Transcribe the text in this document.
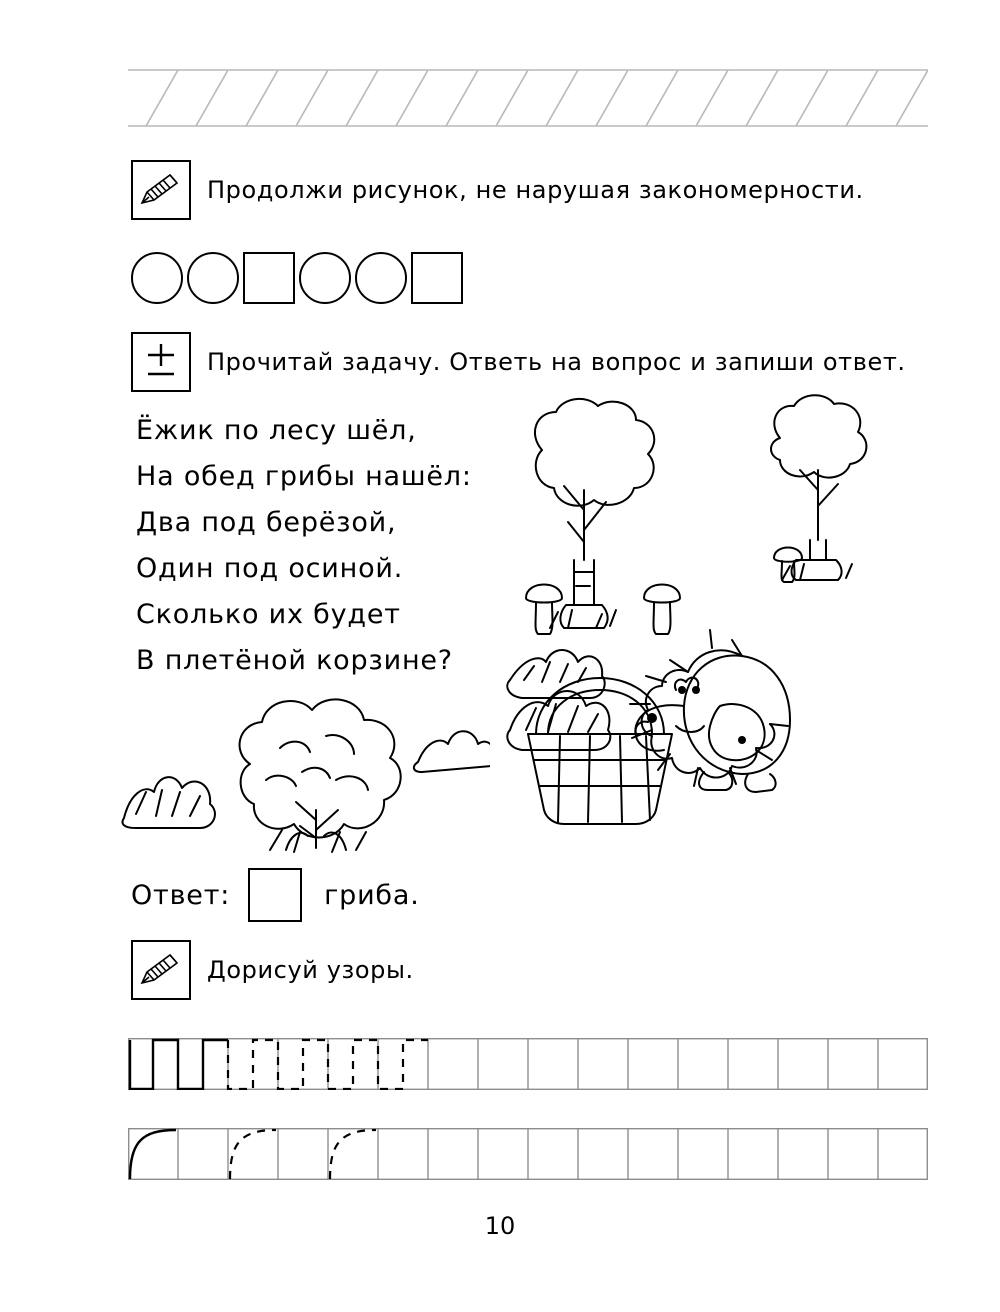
Продолжи рисунок, не нарушая закономерности.
Прочитай задачу. Ответь на вопрос и запиши ответ.
Ёжик по лесу шёл,
На обед грибы нашёл:
Два под берёзой,
Один под осиной.
Сколько их будет
В плетёной корзине?
Ответ:	гриба.
Дорисуй узоры.
10
